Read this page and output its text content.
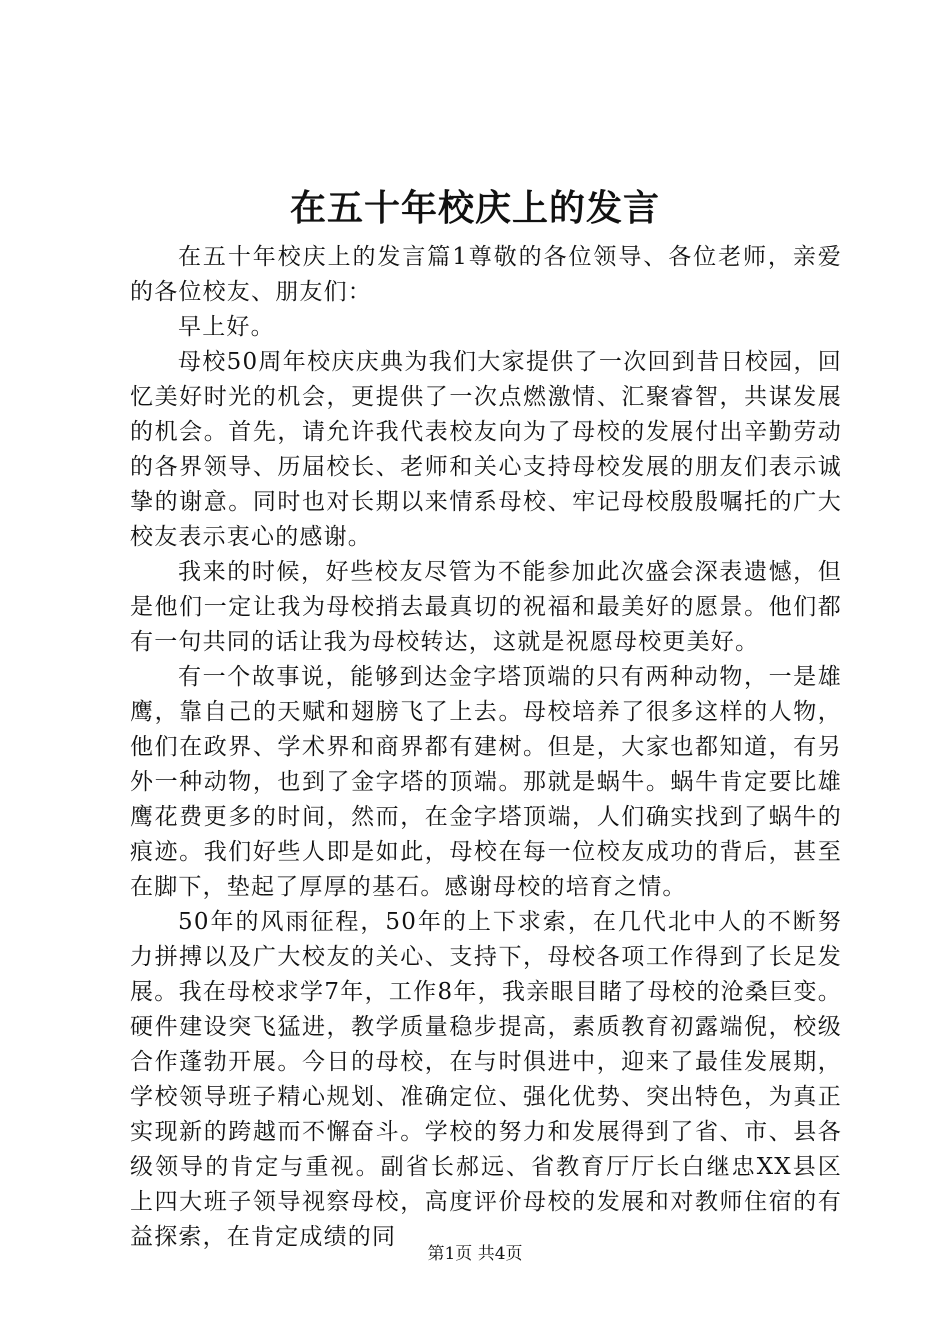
在五十年校庆上的发言

在五十年校庆上的发言篇1尊敬的各位领导、各位老师，亲爱的各位校友、朋友们：

早上好。

母校50周年校庆庆典为我们大家提供了一次回到昔日校园，回忆美好时光的机会，更提供了一次点燃激情、汇聚睿智，共谋发展的机会。首先，请允许我代表校友向为了母校的发展付出辛勤劳动的各界领导、历届校长、老师和关心支持母校发展的朋友们表示诚挚的谢意。同时也对长期以来情系母校、牢记母校殷殷嘱托的广大校友表示衷心的感谢。

我来的时候，好些校友尽管为不能参加此次盛会深表遗憾，但是他们一定让我为母校捎去最真切的祝福和最美好的愿景。他们都有一句共同的话让我为母校转达，这就是祝愿母校更美好。

有一个故事说，能够到达金字塔顶端的只有两种动物，一是雄鹰，靠自己的天赋和翅膀飞了上去。母校培养了很多这样的人物，他们在政界、学术界和商界都有建树。但是，大家也都知道，有另外一种动物，也到了金字塔的顶端。那就是蜗牛。蜗牛肯定要比雄鹰花费更多的时间，然而，在金字塔顶端，人们确实找到了蜗牛的痕迹。我们好些人即是如此，母校在每一位校友成功的背后，甚至在脚下，垫起了厚厚的基石。感谢母校的培育之情。

50年的风雨征程，50年的上下求索，在几代北中人的不断努力拼搏以及广大校友的关心、支持下，母校各项工作得到了长足发展。我在母校求学7年，工作8年，我亲眼目睹了母校的沧桑巨变。硬件建设突飞猛进，教学质量稳步提高，素质教育初露端倪，校级合作蓬勃开展。今日的母校，在与时俱进中，迎来了最佳发展期，学校领导班子精心规划、准确定位、强化优势、突出特色，为真正实现新的跨越而不懈奋斗。学校的努力和发展得到了省、市、县各级领导的肯定与重视。副省长郝远、省教育厅厅长白继忠XX县区上四大班子领导视察母校，高度评价母校的发展和对教师住宿的有益探索，在肯定成绩的同

第1页 共4页
